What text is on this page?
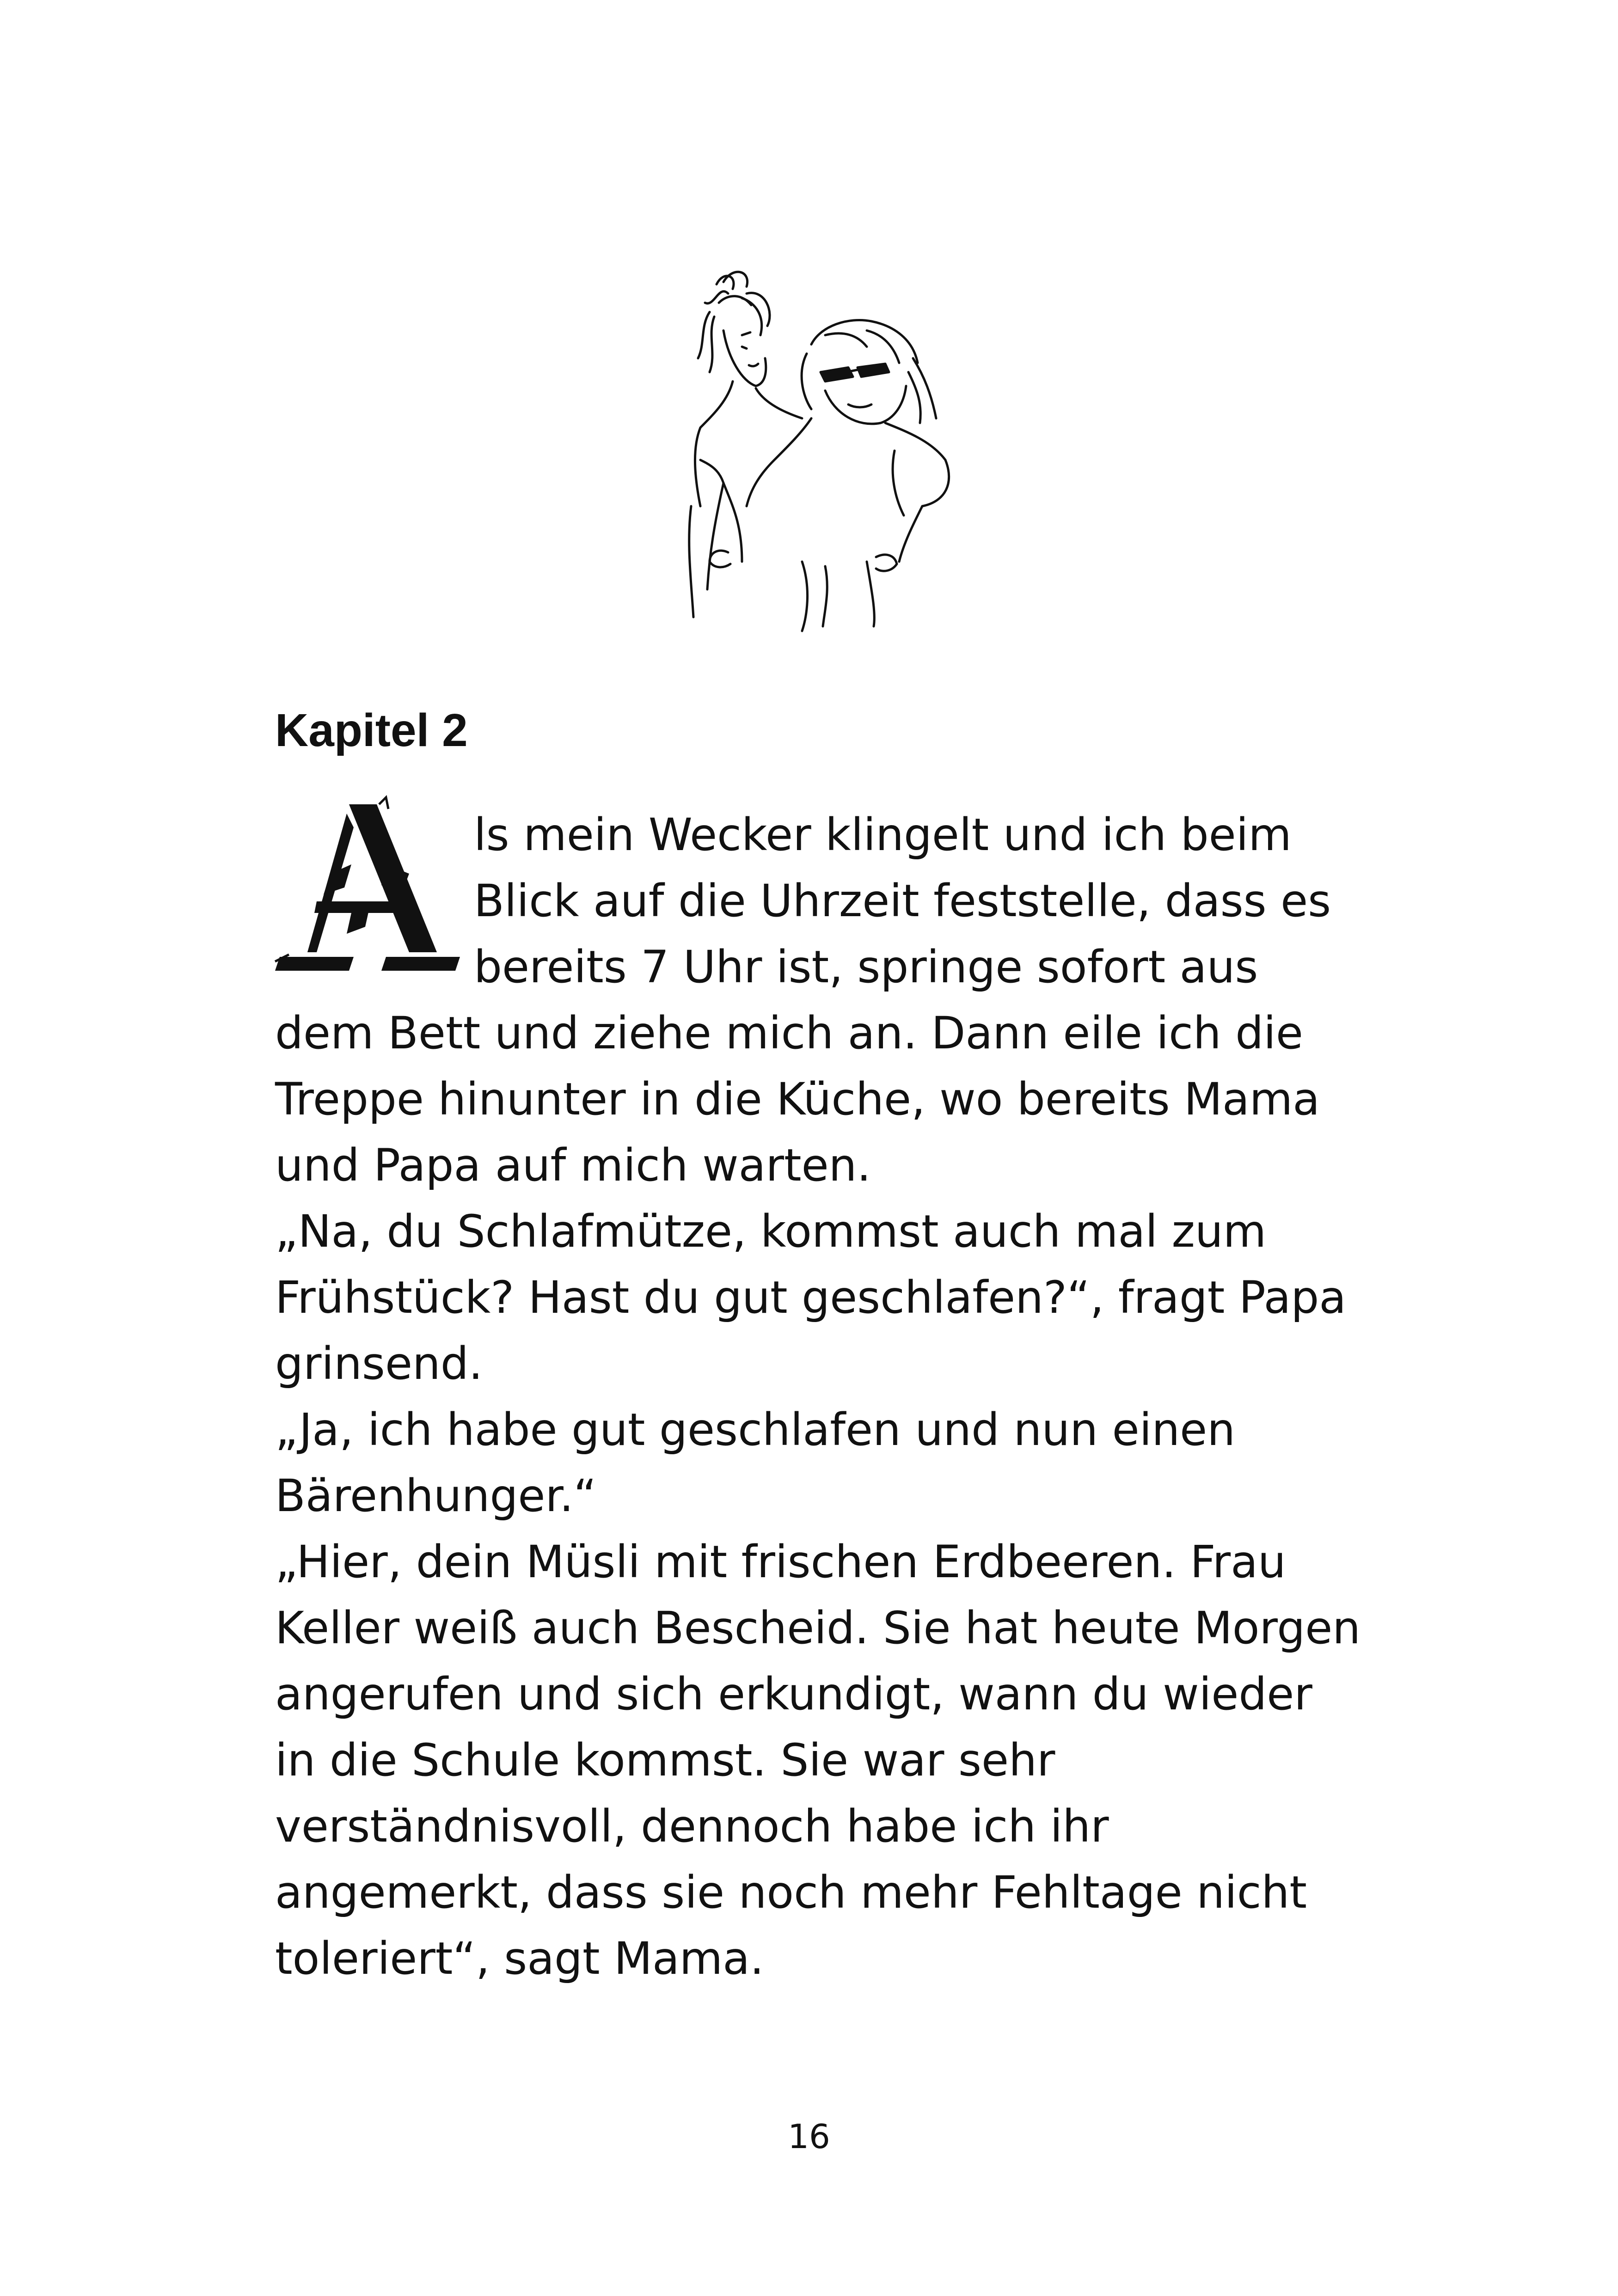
Kapitel 2
ls mein Wecker klingelt und ich beim
Blick auf die Uhrzeit feststelle, dass es
bereits 7 Uhr ist, springe sofort aus
dem Bett und ziehe mich an. Dann eile ich die
Treppe hinunter in die Küche, wo bereits Mama
und Papa auf mich warten.
„Na, du Schlafmütze, kommst auch mal zum
Frühstück? Hast du gut geschlafen?“, fragt Papa
grinsend.
„Ja, ich habe gut geschlafen und nun einen
Bärenhunger.“
„Hier, dein Müsli mit frischen Erdbeeren. Frau
Keller weiß auch Bescheid. Sie hat heute Morgen
angerufen und sich erkundigt, wann du wieder
in die Schule kommst. Sie war sehr
verständnisvoll, dennoch habe ich ihr
angemerkt, dass sie noch mehr Fehltage nicht
toleriert“, sagt Mama.
16
